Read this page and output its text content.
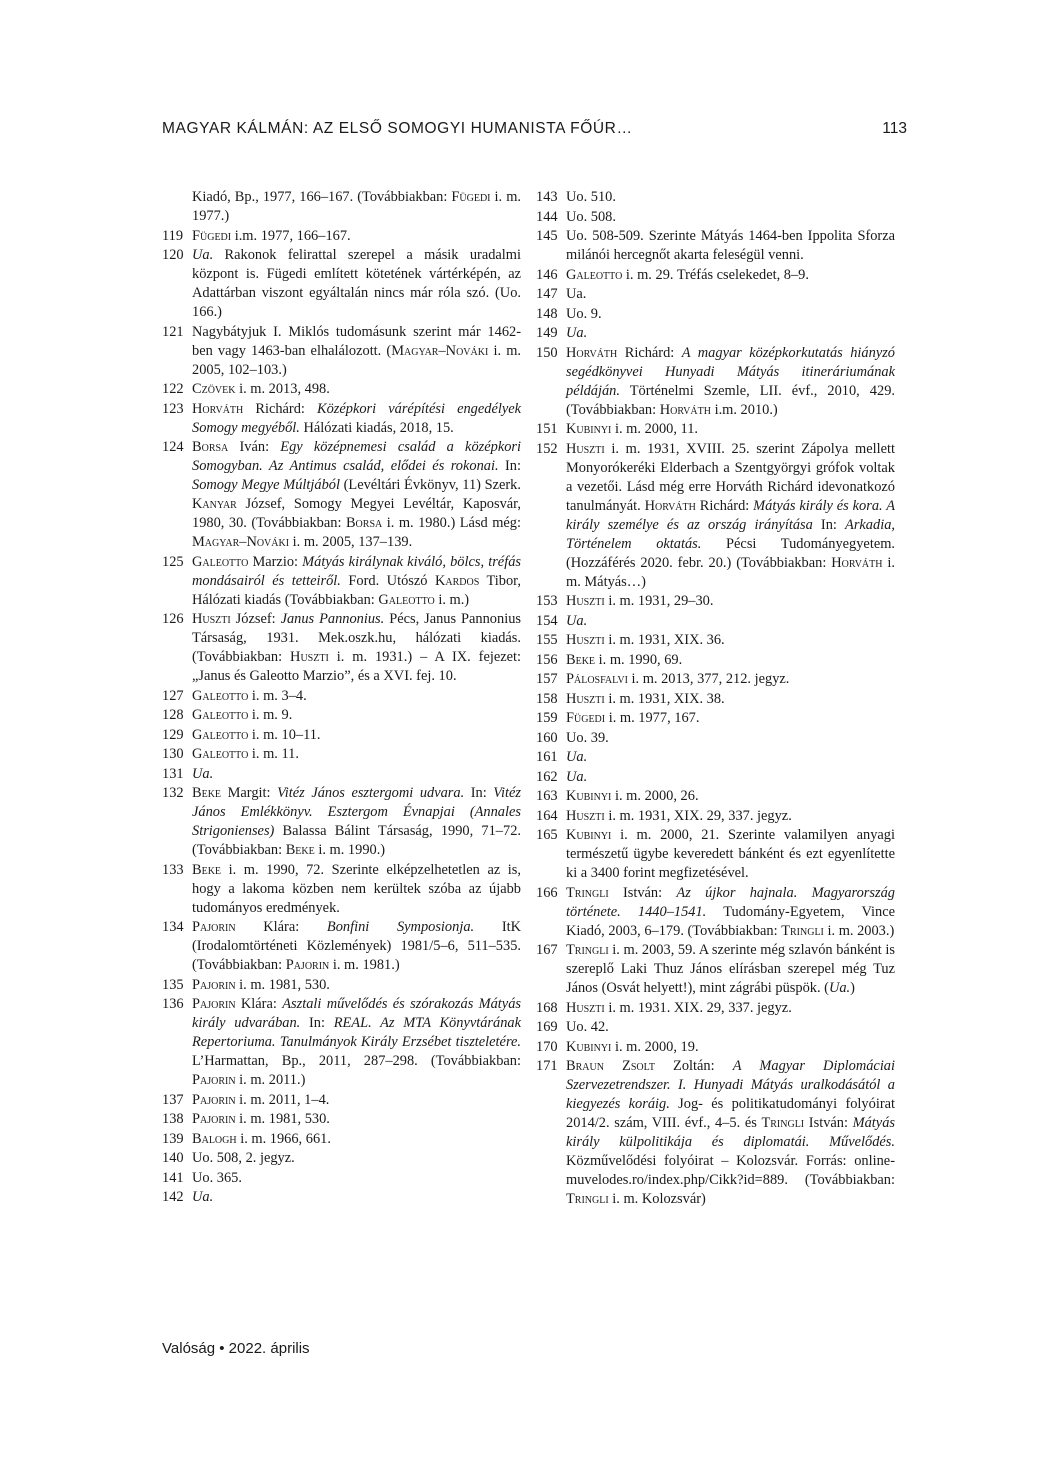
MAGYAR KÁLMÁN: AZ ELSŐ SOMOGYI HUMANISTA FŐÚR…	113
Kiadó, Bp., 1977, 166–167. (Továbbiakban: Fügedi i. m. 1977.)
119 Fügedi i.m. 1977, 166–167.
120 Ua. Rakonok felirattal szerepel a másik uradalmi központ is. Fügedi említett kötetének vártérképén, az Adattárban viszont egyáltalán nincs már róla szó. (Uo. 166.)
121 Nagybátyjuk I. Miklós tudomásunk szerint már 1462-ben vagy 1463-ban elhalálozott. (Magyar–Nováki i. m. 2005, 102–103.)
122 Czövek i. m. 2013, 498.
123 Horváth Richárd: Középkori várépítési engedélyek Somogy megyéből. Hálózati kiadás, 2018, 15.
124 Borsa Iván: Egy középnemesi család a középkori Somogyban. Az Antimus család, elődei és rokonai. In: Somogy Megye Múltjából (Levéltári Évkönyv, 11) Szerk. Kanyar József, Somogy Megyei Levéltár, Kaposvár, 1980, 30. (Továbbiakban: Borsa i. m. 1980.) Lásd még: Magyar–Nováki i. m. 2005, 137–139.
125 Galeotto Marzio: Mátyás királynak kiváló, bölcs, tréfás mondásairól és tetteiről. Ford. Utószó Kardos Tibor, Hálózati kiadás (Továbbiakban: Galeotto i. m.)
126 Huszti József: Janus Pannonius. Pécs, Janus Pannonius Társaság, 1931. Mek.oszk.hu, hálózati kiadás. (Továbbiakban: Huszti i. m. 1931.) – A IX. fejezet: „Janus és Galeotto Marzio”, és a XVI. fej. 10.
127 Galeotto i. m. 3–4.
128 Galeotto i. m. 9.
129 Galeotto i. m. 10–11.
130 Galeotto i. m. 11.
131 Ua.
132 Beke Margit: Vitéz János esztergomi udvara. In: Vitéz János Emlékkönyv. Esztergom Évnapjai (Annales Strigonienses) Balassa Bálint Társaság, 1990, 71–72. (Továbbiakban: Beke i. m. 1990.)
133 Beke i. m. 1990, 72. Szerinte elképzelhetetlen az is, hogy a lakoma közben nem kerültek szóba az újabb tudományos eredmények.
134 Pajorin Klára: Bonfini Symposionja. ItK (Irodalomtörténeti Közlemények) 1981/5–6, 511–535. (Továbbiakban: Pajorin i. m. 1981.)
135 Pajorin i. m. 1981, 530.
136 Pajorin Klára: Asztali művelődés és szórakozás Mátyás király udvarában. In: REAL. Az MTA Könyvtárának Repertoriuma. Tanulmányok Király Erzsébet tiszteletére. L’Harmattan, Bp., 2011, 287–298. (Továbbiakban: Pajorin i. m. 2011.)
137 Pajorin i. m. 2011, 1–4.
138 Pajorin i. m. 1981, 530.
139 Balogh i. m. 1966, 661.
140 Uo. 508, 2. jegyz.
141 Uo. 365.
142 Ua.
143 Uo. 510.
144 Uo. 508.
145 Uo. 508-509. Szerinte Mátyás 1464-ben Ippolita Sforza milánói hercegnőt akarta feleségül venni.
146 Galeotto i. m. 29. Tréfás cselekedet, 8–9.
147 Ua.
148 Uo. 9.
149 Ua.
150 Horváth Richárd: A magyar középkorkutatás hiányzó segédkönyvei Hunyadi Mátyás itineráriumának példáján. Történelmi Szemle, LII. évf., 2010, 429. (Továbbiakban: Horváth i.m. 2010.)
151 Kubinyi i. m. 2000, 11.
152 Huszti i. m. 1931, XVIII. 25. szerint Zápolya mellett Monyorókeréki Elderbach a Szentgyörgyi grófok voltak a vezetői. Lásd még erre Horváth Richárd idevonatkozó tanulmányát. Horváth Richárd: Mátyás király és kora. A király személye és az ország irányítása In: Arkadia, Történelem oktatás. Pécsi Tudományegyetem. (Hozzáférés 2020. febr. 20.) (Továbbiakban: Horváth i. m. Mátyás…)
153 Huszti i. m. 1931, 29–30.
154 Ua.
155 Huszti i. m. 1931, XIX. 36.
156 Beke i. m. 1990, 69.
157 Pálosfalvi i. m. 2013, 377, 212. jegyz.
158 Huszti i. m. 1931, XIX. 38.
159 Fügedi i. m. 1977, 167.
160 Uo. 39.
161 Ua.
162 Ua.
163 Kubinyi i. m. 2000, 26.
164 Huszti i. m. 1931, XIX. 29, 337. jegyz.
165 Kubinyi i. m. 2000, 21. Szerinte valamilyen anyagi természetű ügybe keveredett bánként és ezt egyenlítette ki a 3400 forint megfizetésével.
166 Tringli István: Az újkor hajnala. Magyarország története. 1440–1541. Tudomány-Egyetem, Vince Kiadó, 2003, 6–179. (Továbbiakban: Tringli i. m. 2003.)
167 Tringli i. m. 2003, 59. A szerinte még szlavón bánként is szereplő Laki Thuz János elírásban szerepel még Tuz János (Osvát helyett!), mint zágrábi püspök. (Ua.)
168 Huszti i. m. 1931. XIX. 29, 337. jegyz.
169 Uo. 42.
170 Kubinyi i. m. 2000, 19.
171 Braun Zsolt Zoltán: A Magyar Diplomáciai Szervezetrendszer. I. Hunyadi Mátyás uralkodásától a kiegyezés koráig. Jog- és politikatudományi folyóirat 2014/2. szám, VIII. évf., 4–5. és Tringli István: Mátyás király külpolitikája és diplomatái. Művelődés. Közművelődési folyóirat – Kolozsvár. Forrás: online-muvelodes.ro/index.php/Cikk?id=889. (Továbbiakban: Tringli i. m. Kolozsvár)
Valóság • 2022. április
